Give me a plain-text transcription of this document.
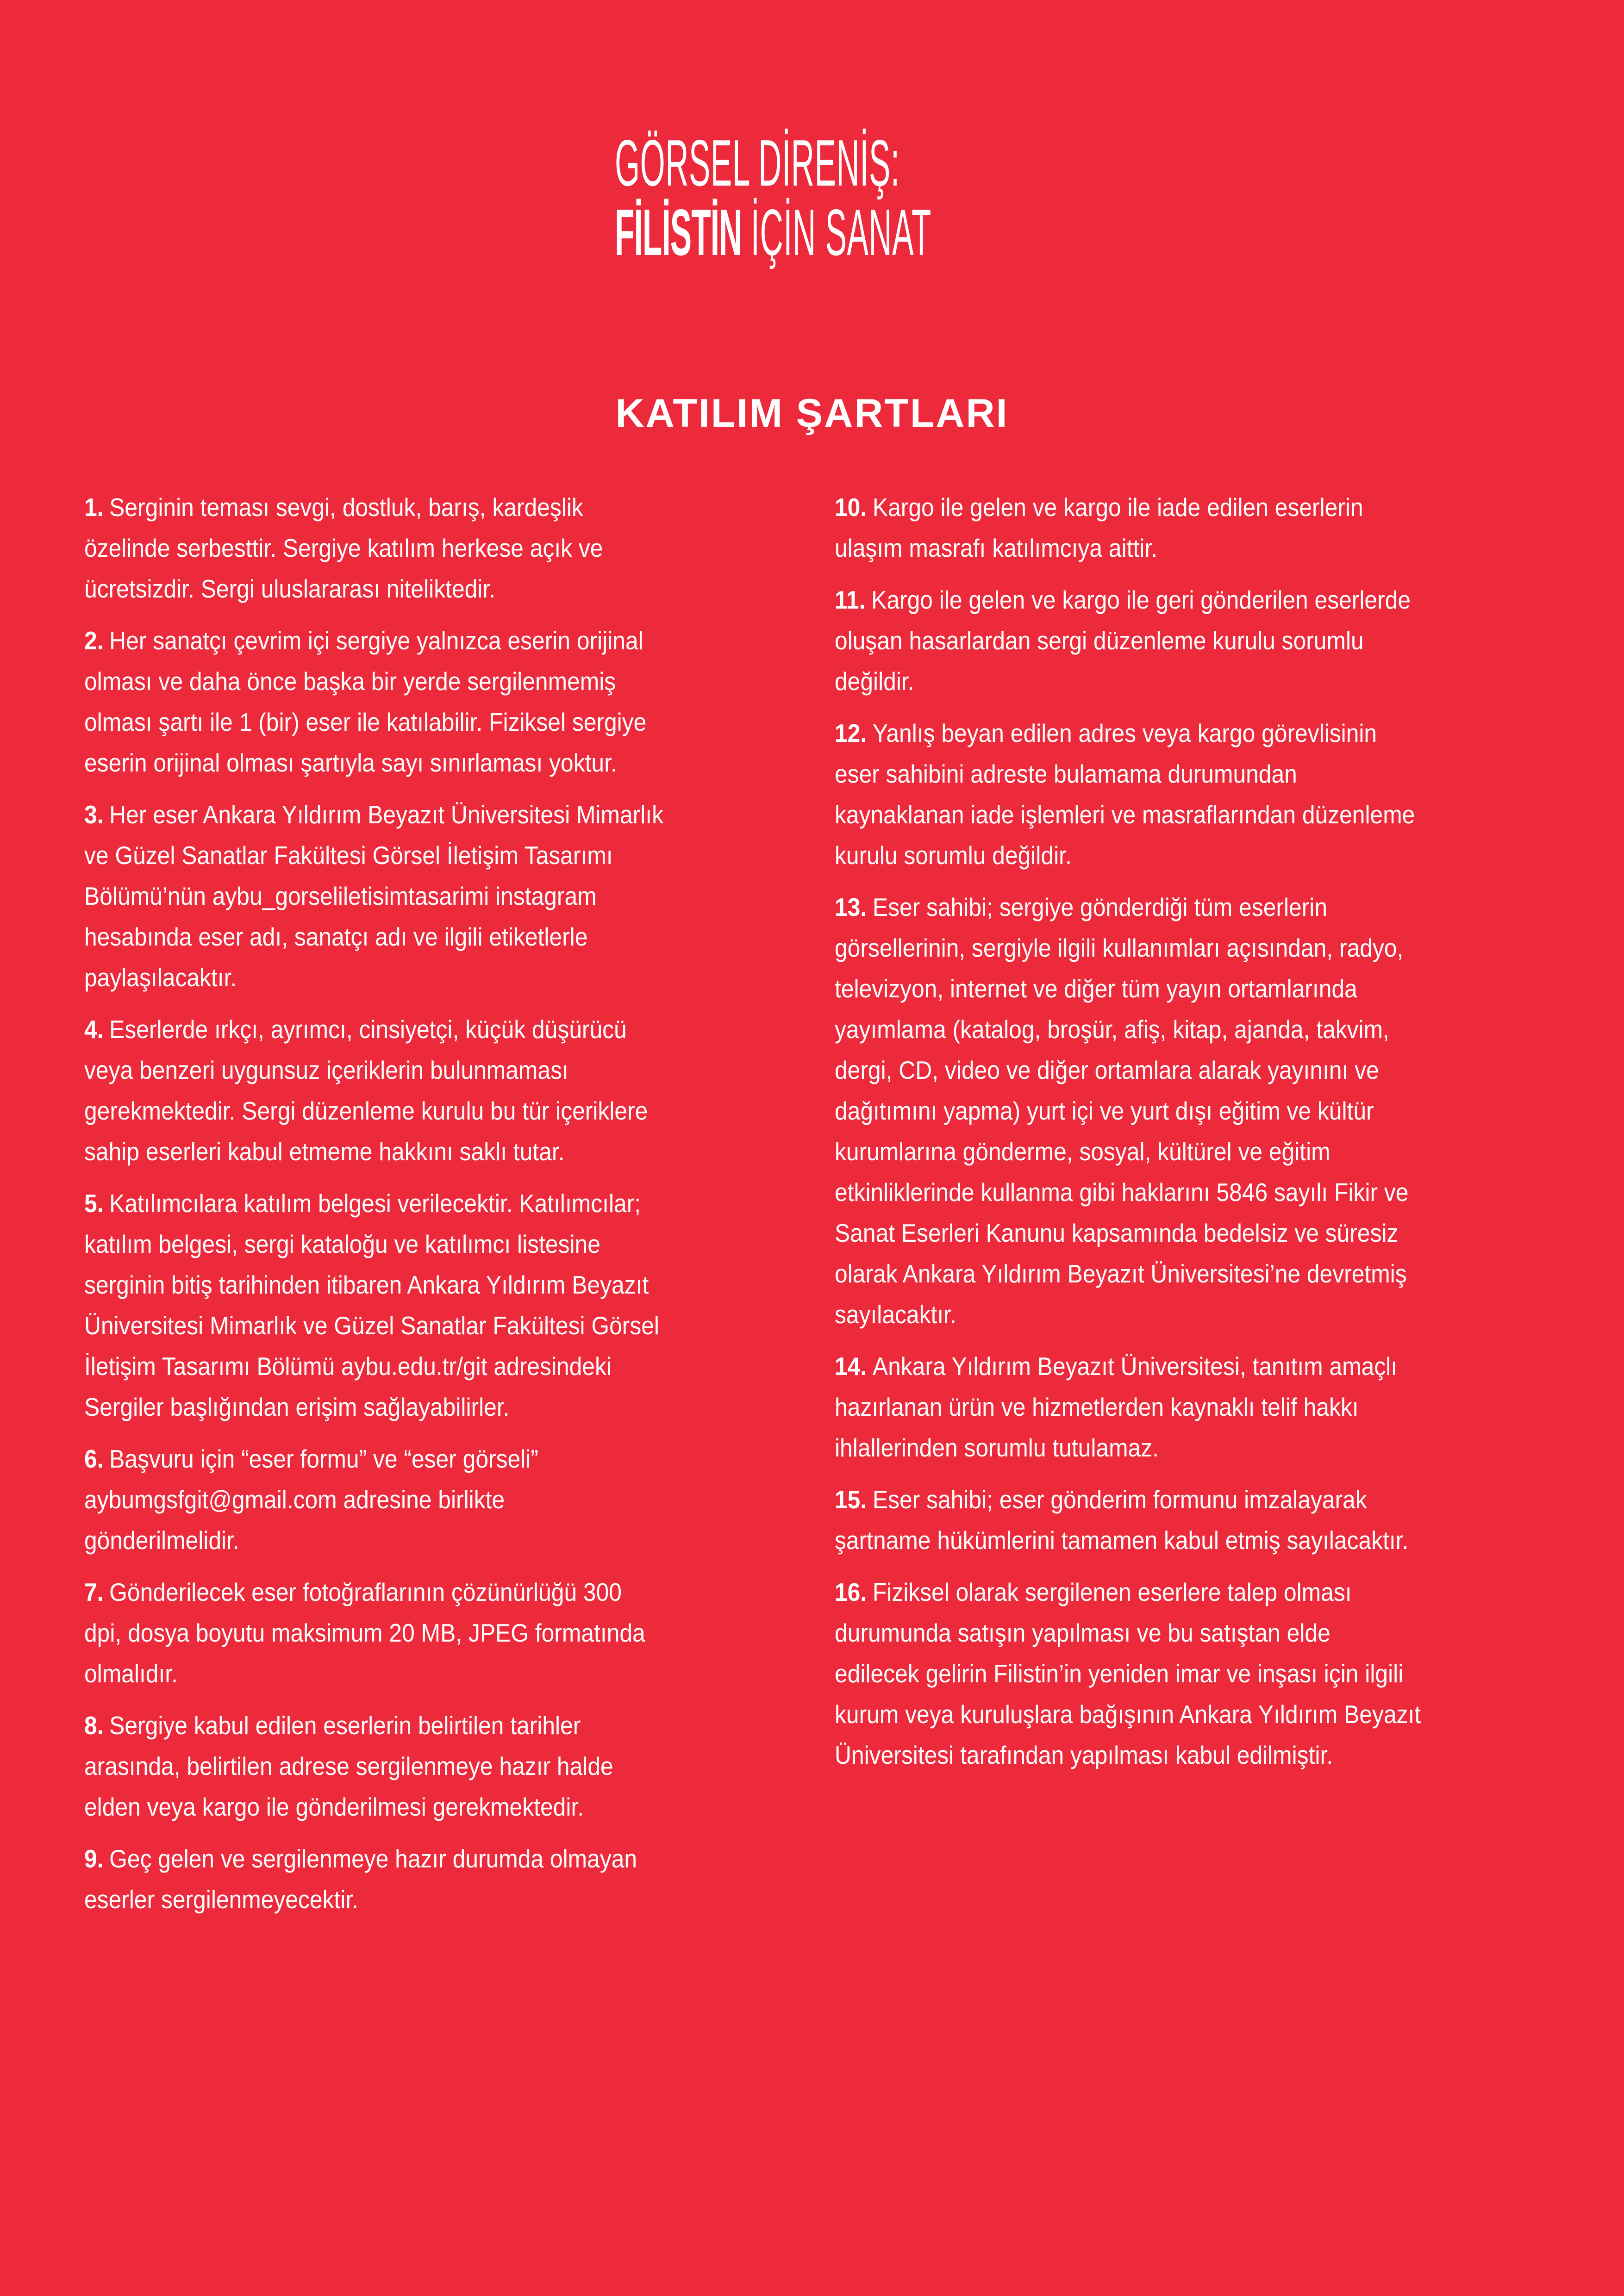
GÖRSEL DİRENİŞ:
FİLİSTİN İÇİN SANAT
KATILIM ŞARTLARI
1. Serginin teması sevgi, dostluk, barış, kardeşlik
özelinde serbesttir. Sergiye katılım herkese açık ve
ücretsizdir. Sergi uluslararası niteliktedir.
2. Her sanatçı çevrim içi sergiye yalnızca eserin orijinal
olması ve daha önce başka bir yerde sergilenmemiş
olması şartı ile 1 (bir) eser ile katılabilir. Fiziksel sergiye
eserin orijinal olması şartıyla sayı sınırlaması yoktur.
3. Her eser Ankara Yıldırım Beyazıt Üniversitesi Mimarlık
ve Güzel Sanatlar Fakültesi Görsel İletişim Tasarımı
Bölümü’nün aybu_gorseliletisimtasarimi instagram
hesabında eser adı, sanatçı adı ve ilgili etiketlerle
paylaşılacaktır.
4. Eserlerde ırkçı, ayrımcı, cinsiyetçi, küçük düşürücü
veya benzeri uygunsuz içeriklerin bulunmaması
gerekmektedir. Sergi düzenleme kurulu bu tür içeriklere
sahip eserleri kabul etmeme hakkını saklı tutar.
5. Katılımcılara katılım belgesi verilecektir. Katılımcılar;
katılım belgesi, sergi kataloğu ve katılımcı listesine
serginin bitiş tarihinden itibaren Ankara Yıldırım Beyazıt
Üniversitesi Mimarlık ve Güzel Sanatlar Fakültesi Görsel
İletişim Tasarımı Bölümü aybu.edu.tr/git adresindeki
Sergiler başlığından erişim sağlayabilirler.
6. Başvuru için “eser formu” ve “eser görseli”
aybumgsfgit@gmail.com adresine birlikte
gönderilmelidir.
7. Gönderilecek eser fotoğraflarının çözünürlüğü 300
dpi, dosya boyutu maksimum 20 MB, JPEG formatında
olmalıdır.
8. Sergiye kabul edilen eserlerin belirtilen tarihler
arasında, belirtilen adrese sergilenmeye hazır halde
elden veya kargo ile gönderilmesi gerekmektedir.
9. Geç gelen ve sergilenmeye hazır durumda olmayan
eserler sergilenmeyecektir.
10. Kargo ile gelen ve kargo ile iade edilen eserlerin
ulaşım masrafı katılımcıya aittir.
11. Kargo ile gelen ve kargo ile geri gönderilen eserlerde
oluşan hasarlardan sergi düzenleme kurulu sorumlu
değildir.
12. Yanlış beyan edilen adres veya kargo görevlisinin
eser sahibini adreste bulamama durumundan
kaynaklanan iade işlemleri ve masraflarından düzenleme
kurulu sorumlu değildir.
13. Eser sahibi; sergiye gönderdiği tüm eserlerin
görsellerinin, sergiyle ilgili kullanımları açısından, radyo,
televizyon, internet ve diğer tüm yayın ortamlarında
yayımlama (katalog, broşür, afiş, kitap, ajanda, takvim,
dergi, CD, video ve diğer ortamlara alarak yayınını ve
dağıtımını yapma) yurt içi ve yurt dışı eğitim ve kültür
kurumlarına gönderme, sosyal, kültürel ve eğitim
etkinliklerinde kullanma gibi haklarını 5846 sayılı Fikir ve
Sanat Eserleri Kanunu kapsamında bedelsiz ve süresiz
olarak Ankara Yıldırım Beyazıt Üniversitesi’ne devretmiş
sayılacaktır.
14. Ankara Yıldırım Beyazıt Üniversitesi, tanıtım amaçlı
hazırlanan ürün ve hizmetlerden kaynaklı telif hakkı
ihlallerinden sorumlu tutulamaz.
15. Eser sahibi; eser gönderim formunu imzalayarak
şartname hükümlerini tamamen kabul etmiş sayılacaktır.
16. Fiziksel olarak sergilenen eserlere talep olması
durumunda satışın yapılması ve bu satıştan elde
edilecek gelirin Filistin’in yeniden imar ve inşası için ilgili
kurum veya kuruluşlara bağışının Ankara Yıldırım Beyazıt
Üniversitesi tarafından yapılması kabul edilmiştir.
